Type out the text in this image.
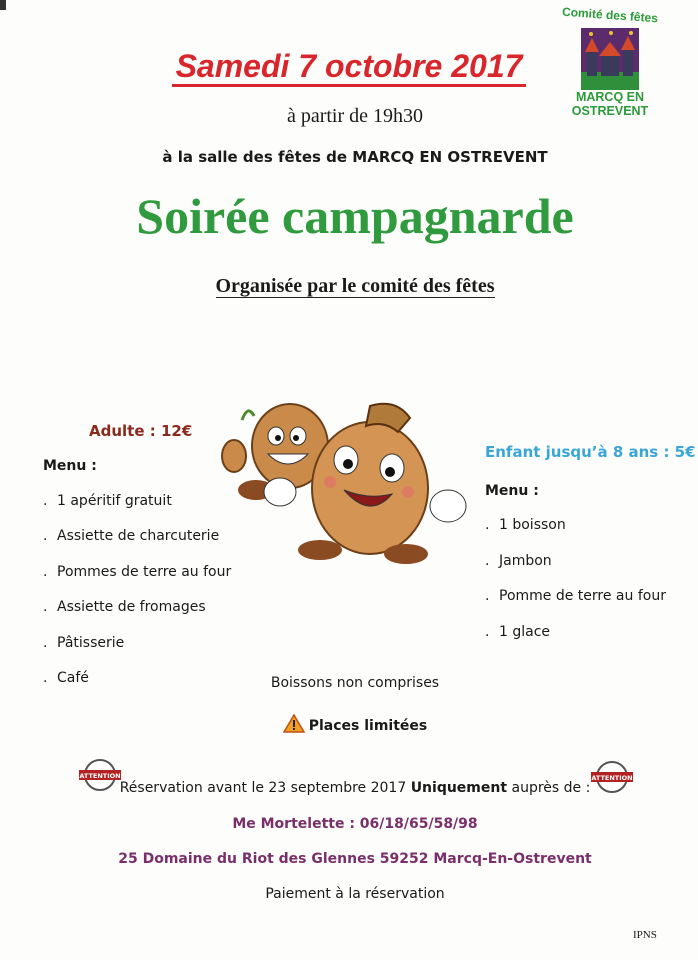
Comité des fêtes
MARCQ EN OSTREVENT
Samedi 7 octobre 2017
à partir de 19h30
à la salle des fêtes de MARCQ EN OSTREVENT
Soirée campagnarde
Organisée par le comité des fêtes
Adulte : 12€
Menu :
. 1 apéritif gratuit
. Assiette de charcuterie
. Pommes de terre au four
. Assiette de fromages
. Pâtisserie
. Café
Enfant jusqu’à 8 ans : 5€
Menu :
. 1 boisson
. Jambon
. Pomme de terre au four
. 1 glace
Boissons non comprises
Places limitées
ATTENTION	ATTENTION
Réservation avant le 23 septembre 2017 Uniquement auprès de :
Me Mortelette : 06/18/65/58/98
25 Domaine du Riot des Glennes 59252 Marcq-En-Ostrevent
Paiement à la réservation
IPNS
